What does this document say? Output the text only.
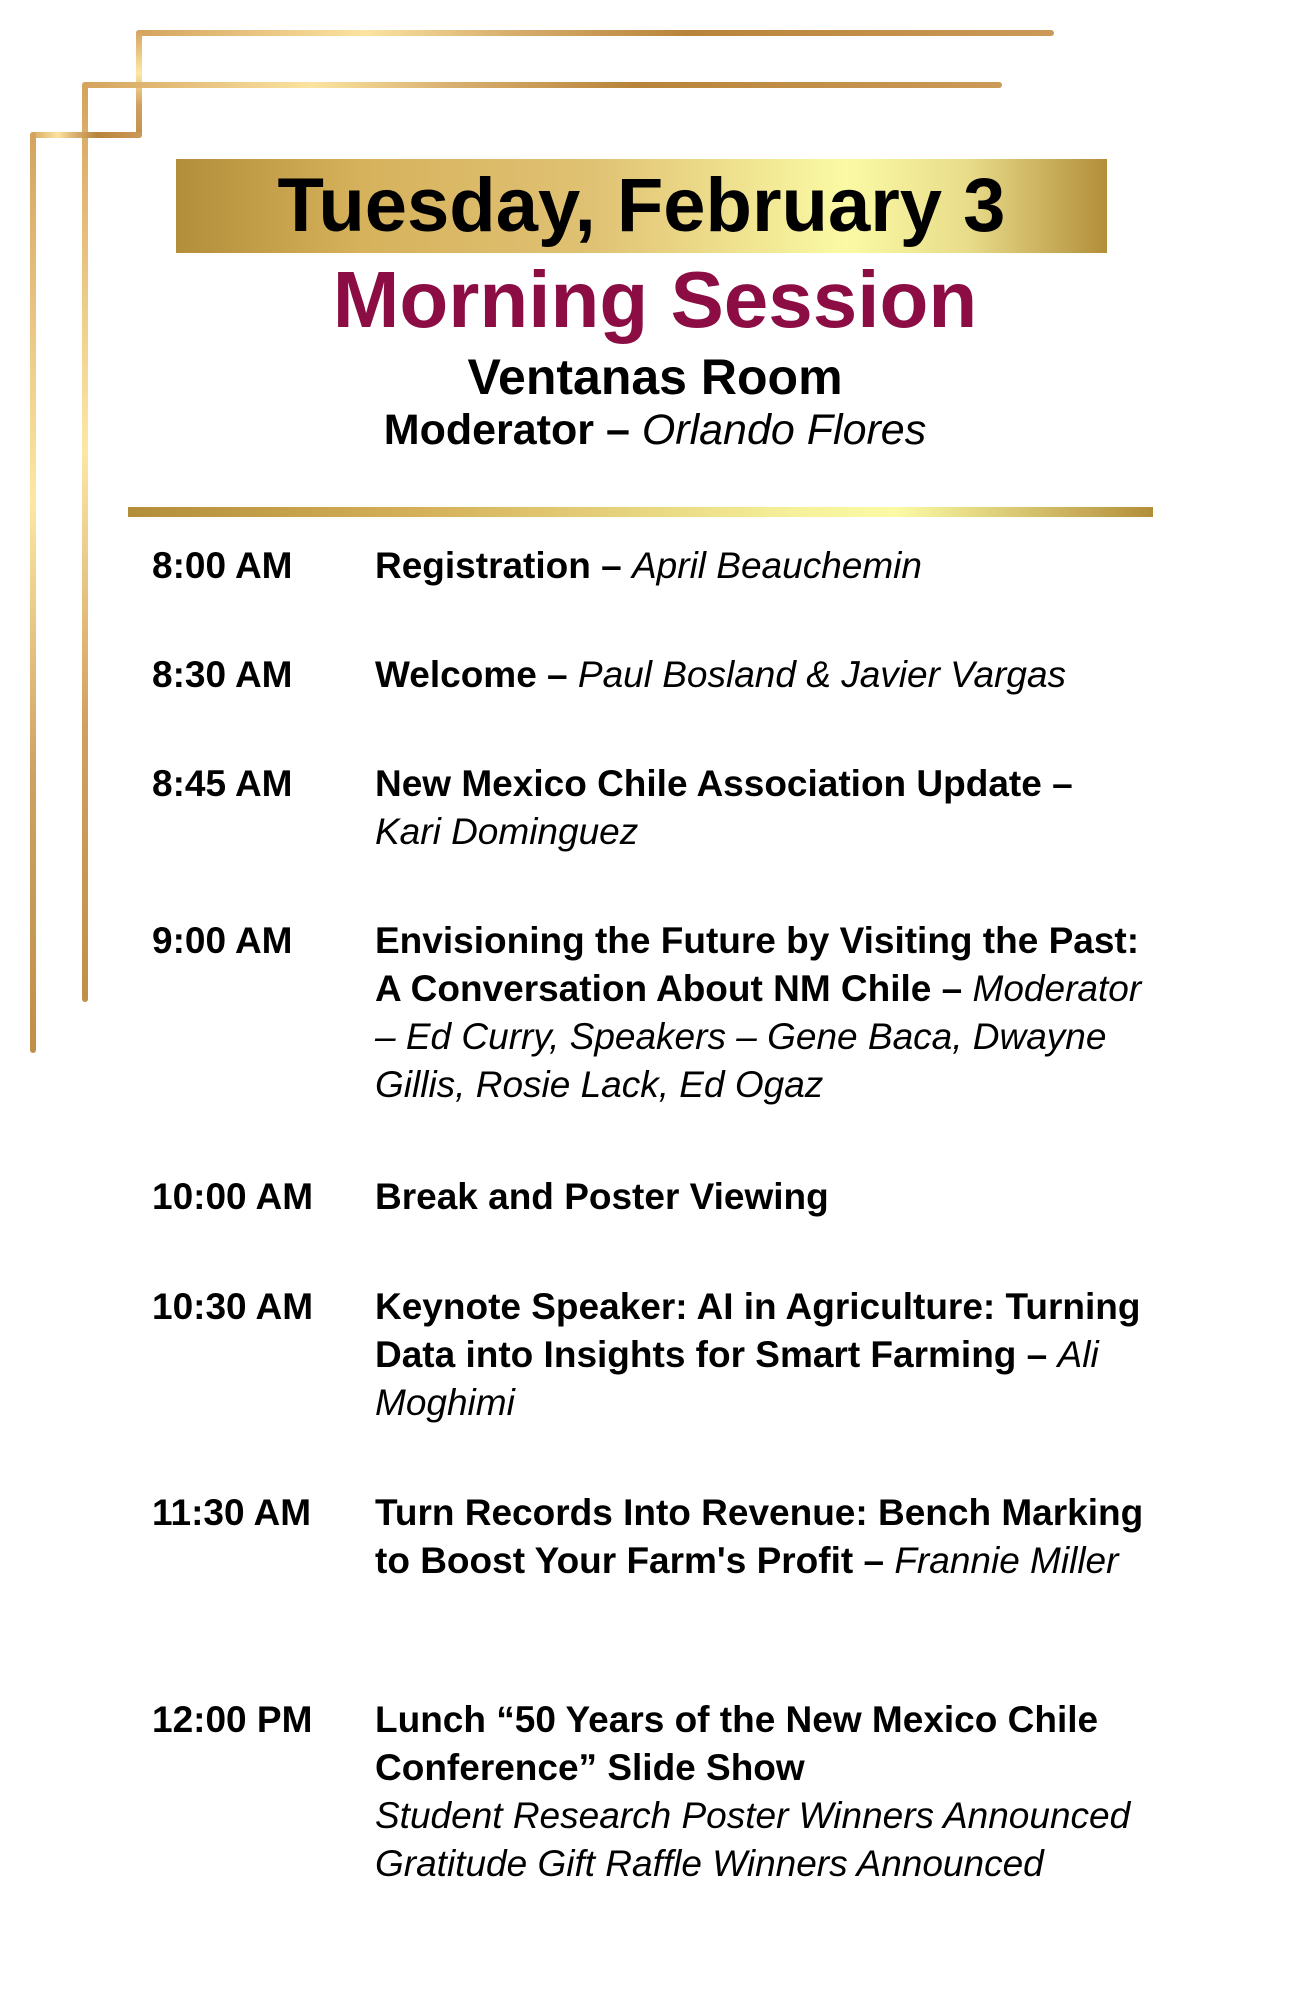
Tuesday, February 3
Morning Session
Ventanas Room
Moderator – Orlando Flores
8:00 AM Registration – April Beauchemin
8:30 AM Welcome – Paul Bosland & Javier Vargas
8:45 AM New Mexico Chile Association Update – Kari Dominguez
9:00 AM Envisioning the Future by Visiting the Past: A Conversation About NM Chile – Moderator – Ed Curry, Speakers – Gene Baca, Dwayne Gillis, Rosie Lack, Ed Ogaz
10:00 AM Break and Poster Viewing
10:30 AM Keynote Speaker: AI in Agriculture: Turning Data into Insights for Smart Farming – Ali Moghimi
11:30 AM Turn Records Into Revenue: Bench Marking to Boost Your Farm's Profit – Frannie Miller
12:00 PM Lunch “50 Years of the New Mexico Chile Conference” Slide Show
Student Research Poster Winners Announced
Gratitude Gift Raffle Winners Announced
